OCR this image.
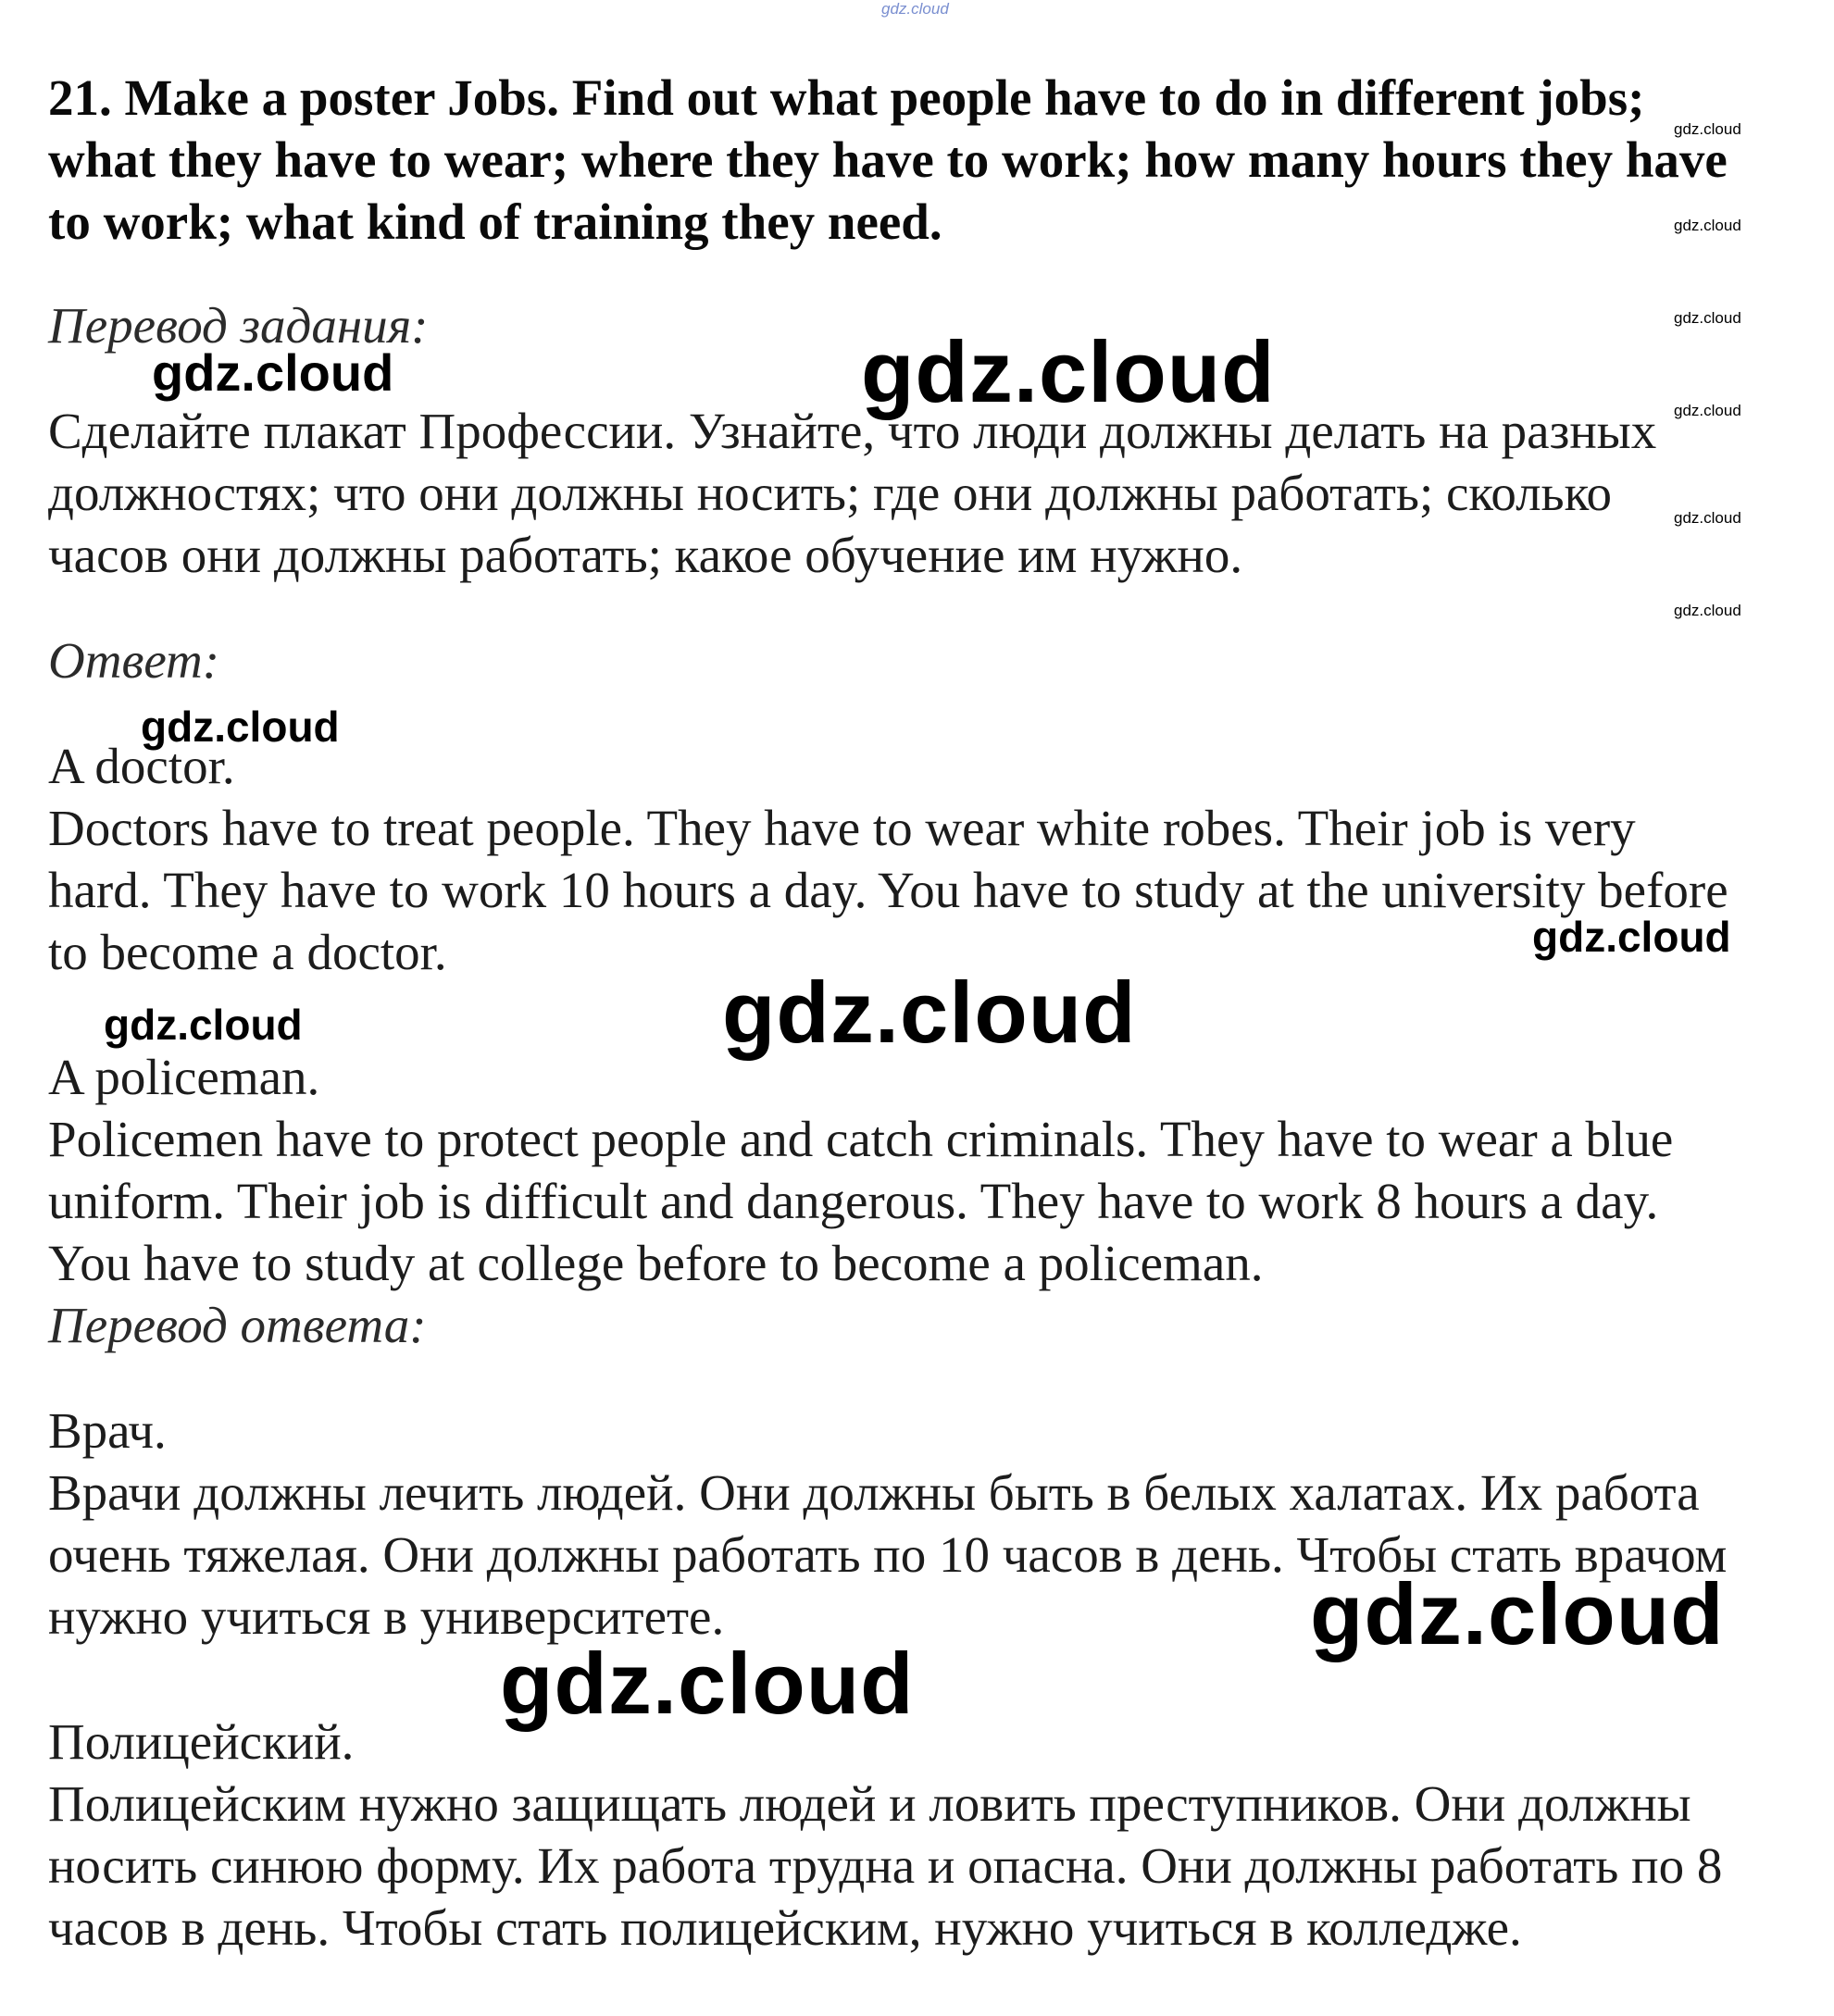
21. Make a poster Jobs. Find out what people have to do in different jobs;
what they have to wear; where they have to work; how many hours they have
to work; what kind of training they need.
Перевод задания:
Сделайте плакат Профессии. Узнайте, что люди должны делать на разных
должностях; что они должны носить; где они должны работать; сколько
часов они должны работать; какое обучение им нужно.
Ответ:
A doctor.
Doctors have to treat people. They have to wear white robes. Their job is very
hard. They have to work 10 hours a day. You have to study at the university before
to become a doctor.
A policeman.
Policemen have to protect people and catch criminals. They have to wear a blue
uniform. Their job is difficult and dangerous. They have to work 8 hours a day.
You have to study at college before to become a policeman.
Перевод ответа:
Врач.
Врачи должны лечить людей. Они должны быть в белых халатах. Их работа
очень тяжелая. Они должны работать по 10 часов в день. Чтобы стать врачом
нужно учиться в университете.
Полицейский.
Полицейским нужно защищать людей и ловить преступников. Они должны
носить синюю форму. Их работа трудна и опасна. Они должны работать по 8
часов в день. Чтобы стать полицейским, нужно учиться в колледже.
gdz.cloud
gdz.cloud
gdz.cloud
gdz.cloud
gdz.cloud
gdz.cloud
gdz.cloud
gdz.cloud	gdz.cloud
gdz.cloud
gdz.cloud
gdz.cloud	gdz.cloud
gdz.cloud
gdz.cloud
